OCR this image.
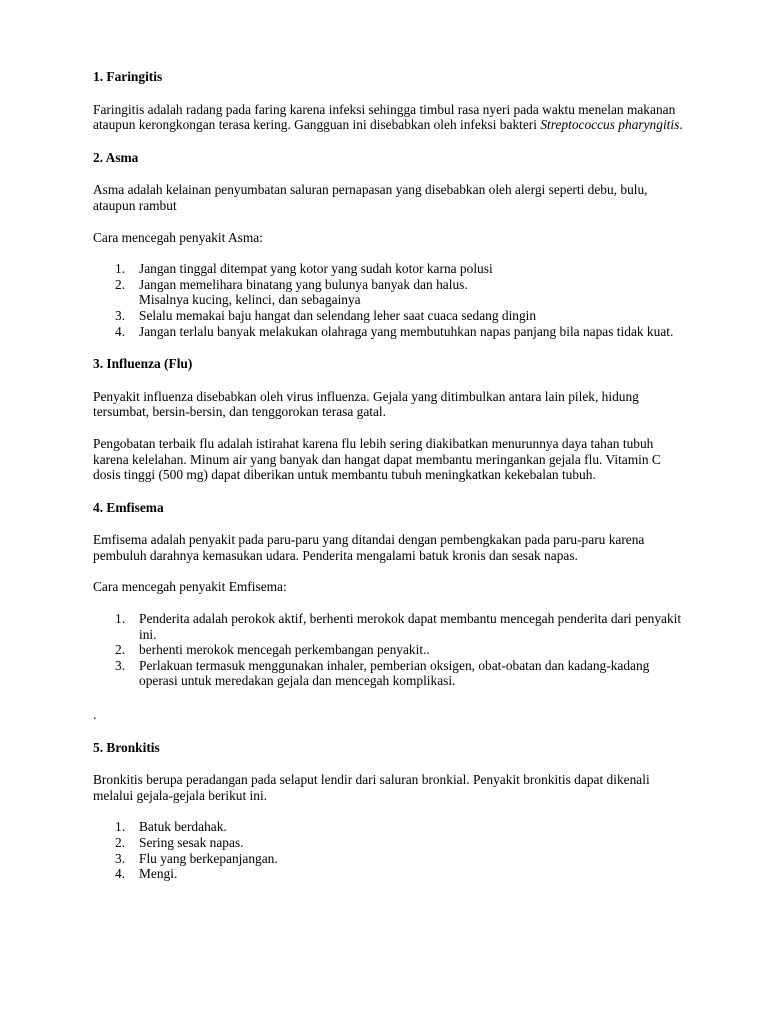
1. Faringitis

Faringitis adalah radang pada faring karena infeksi sehingga timbul rasa nyeri pada waktu menelan makanan ataupun kerongkongan terasa kering. Gangguan ini disebabkan oleh infeksi bakteri Streptococcus pharyngitis.

2. Asma

Asma adalah kelainan penyumbatan saluran pernapasan yang disebabkan oleh alergi seperti debu, bulu, ataupun rambut

Cara mencegah penyakit Asma:

1. Jangan tinggal ditempat yang kotor yang sudah kotor karna polusi
2. Jangan memelihara binatang yang bulunya banyak dan halus.
Misalnya kucing, kelinci, dan sebagainya
3. Selalu memakai baju hangat dan selendang leher saat cuaca sedang dingin
4. Jangan terlalu banyak melakukan olahraga yang membutuhkan napas panjang bila napas tidak kuat.
3. Influenza (Flu)

Penyakit influenza disebabkan oleh virus influenza. Gejala yang ditimbulkan antara lain pilek, hidung tersumbat, bersin-bersin, dan tenggorokan terasa gatal.

Pengobatan terbaik flu adalah istirahat karena flu lebih sering diakibatkan menurunnya daya tahan tubuh karena kelelahan. Minum air yang banyak dan hangat dapat membantu meringankan gejala flu. Vitamin C dosis tinggi (500 mg) dapat diberikan untuk membantu tubuh meningkatkan kekebalan tubuh.

4. Emfisema

Emfisema adalah penyakit pada paru-paru yang ditandai dengan pembengkakan pada paru-paru karena pembuluh darahnya kemasukan udara. Penderita mengalami batuk kronis dan sesak napas.

Cara mencegah penyakit Emfisema:

1. Penderita adalah perokok aktif, berhenti merokok dapat membantu mencegah penderita dari penyakit ini.
2. berhenti merokok mencegah perkembangan penyakit..
3. Perlakuan termasuk menggunakan inhaler, pemberian oksigen, obat-obatan dan kadang-kadang operasi untuk meredakan gejala dan mencegah komplikasi.

.

5. Bronkitis

Bronkitis berupa peradangan pada selaput lendir dari saluran bronkial. Penyakit bronkitis dapat dikenali melalui gejala-gejala berikut ini.

1. Batuk berdahak.
2. Sering sesak napas.
3. Flu yang berkepanjangan.
4. Mengi.
